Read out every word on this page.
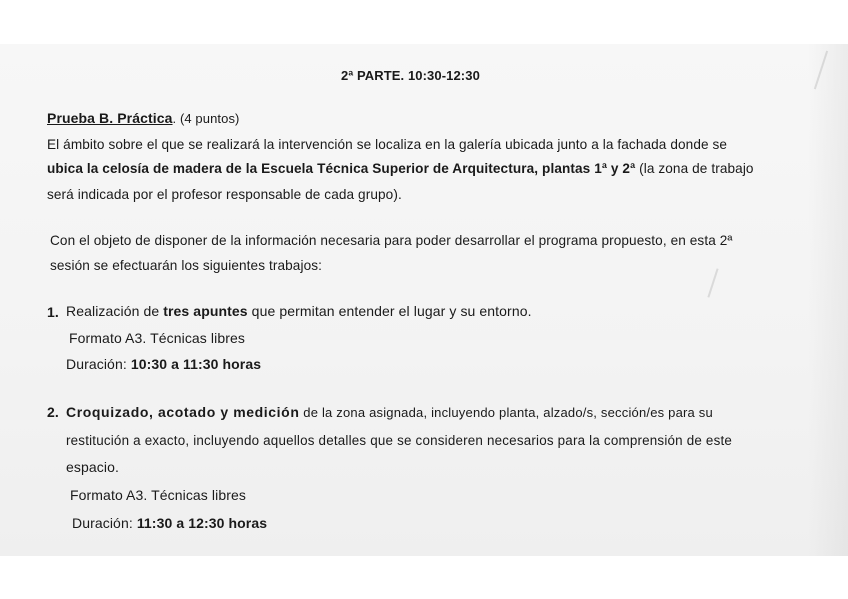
2ª PARTE. 10:30-12:30
Prueba B. Práctica. (4 puntos)
El ámbito sobre el que se realizará la intervención se localiza en la galería ubicada junto a la fachada donde se
ubica la celosía de madera de la Escuela Técnica Superior de Arquitectura, plantas 1ª y 2ª (la zona de trabajo
será indicada por el profesor responsable de cada grupo).
Con el objeto de disponer de la información necesaria para poder desarrollar el programa propuesto, en esta 2ª
sesión se efectuarán los siguientes trabajos:
1. Realización de tres apuntes que permitan entender el lugar y su entorno.
Formato A3. Técnicas libres
Duración: 10:30 a 11:30 horas
2. Croquizado, acotado y medición de la zona asignada, incluyendo planta, alzado/s, sección/es para su
restitución a exacto, incluyendo aquellos detalles que se consideren necesarios para la comprensión de este
espacio.
Formato A3. Técnicas libres
Duración: 11:30 a 12:30 horas
